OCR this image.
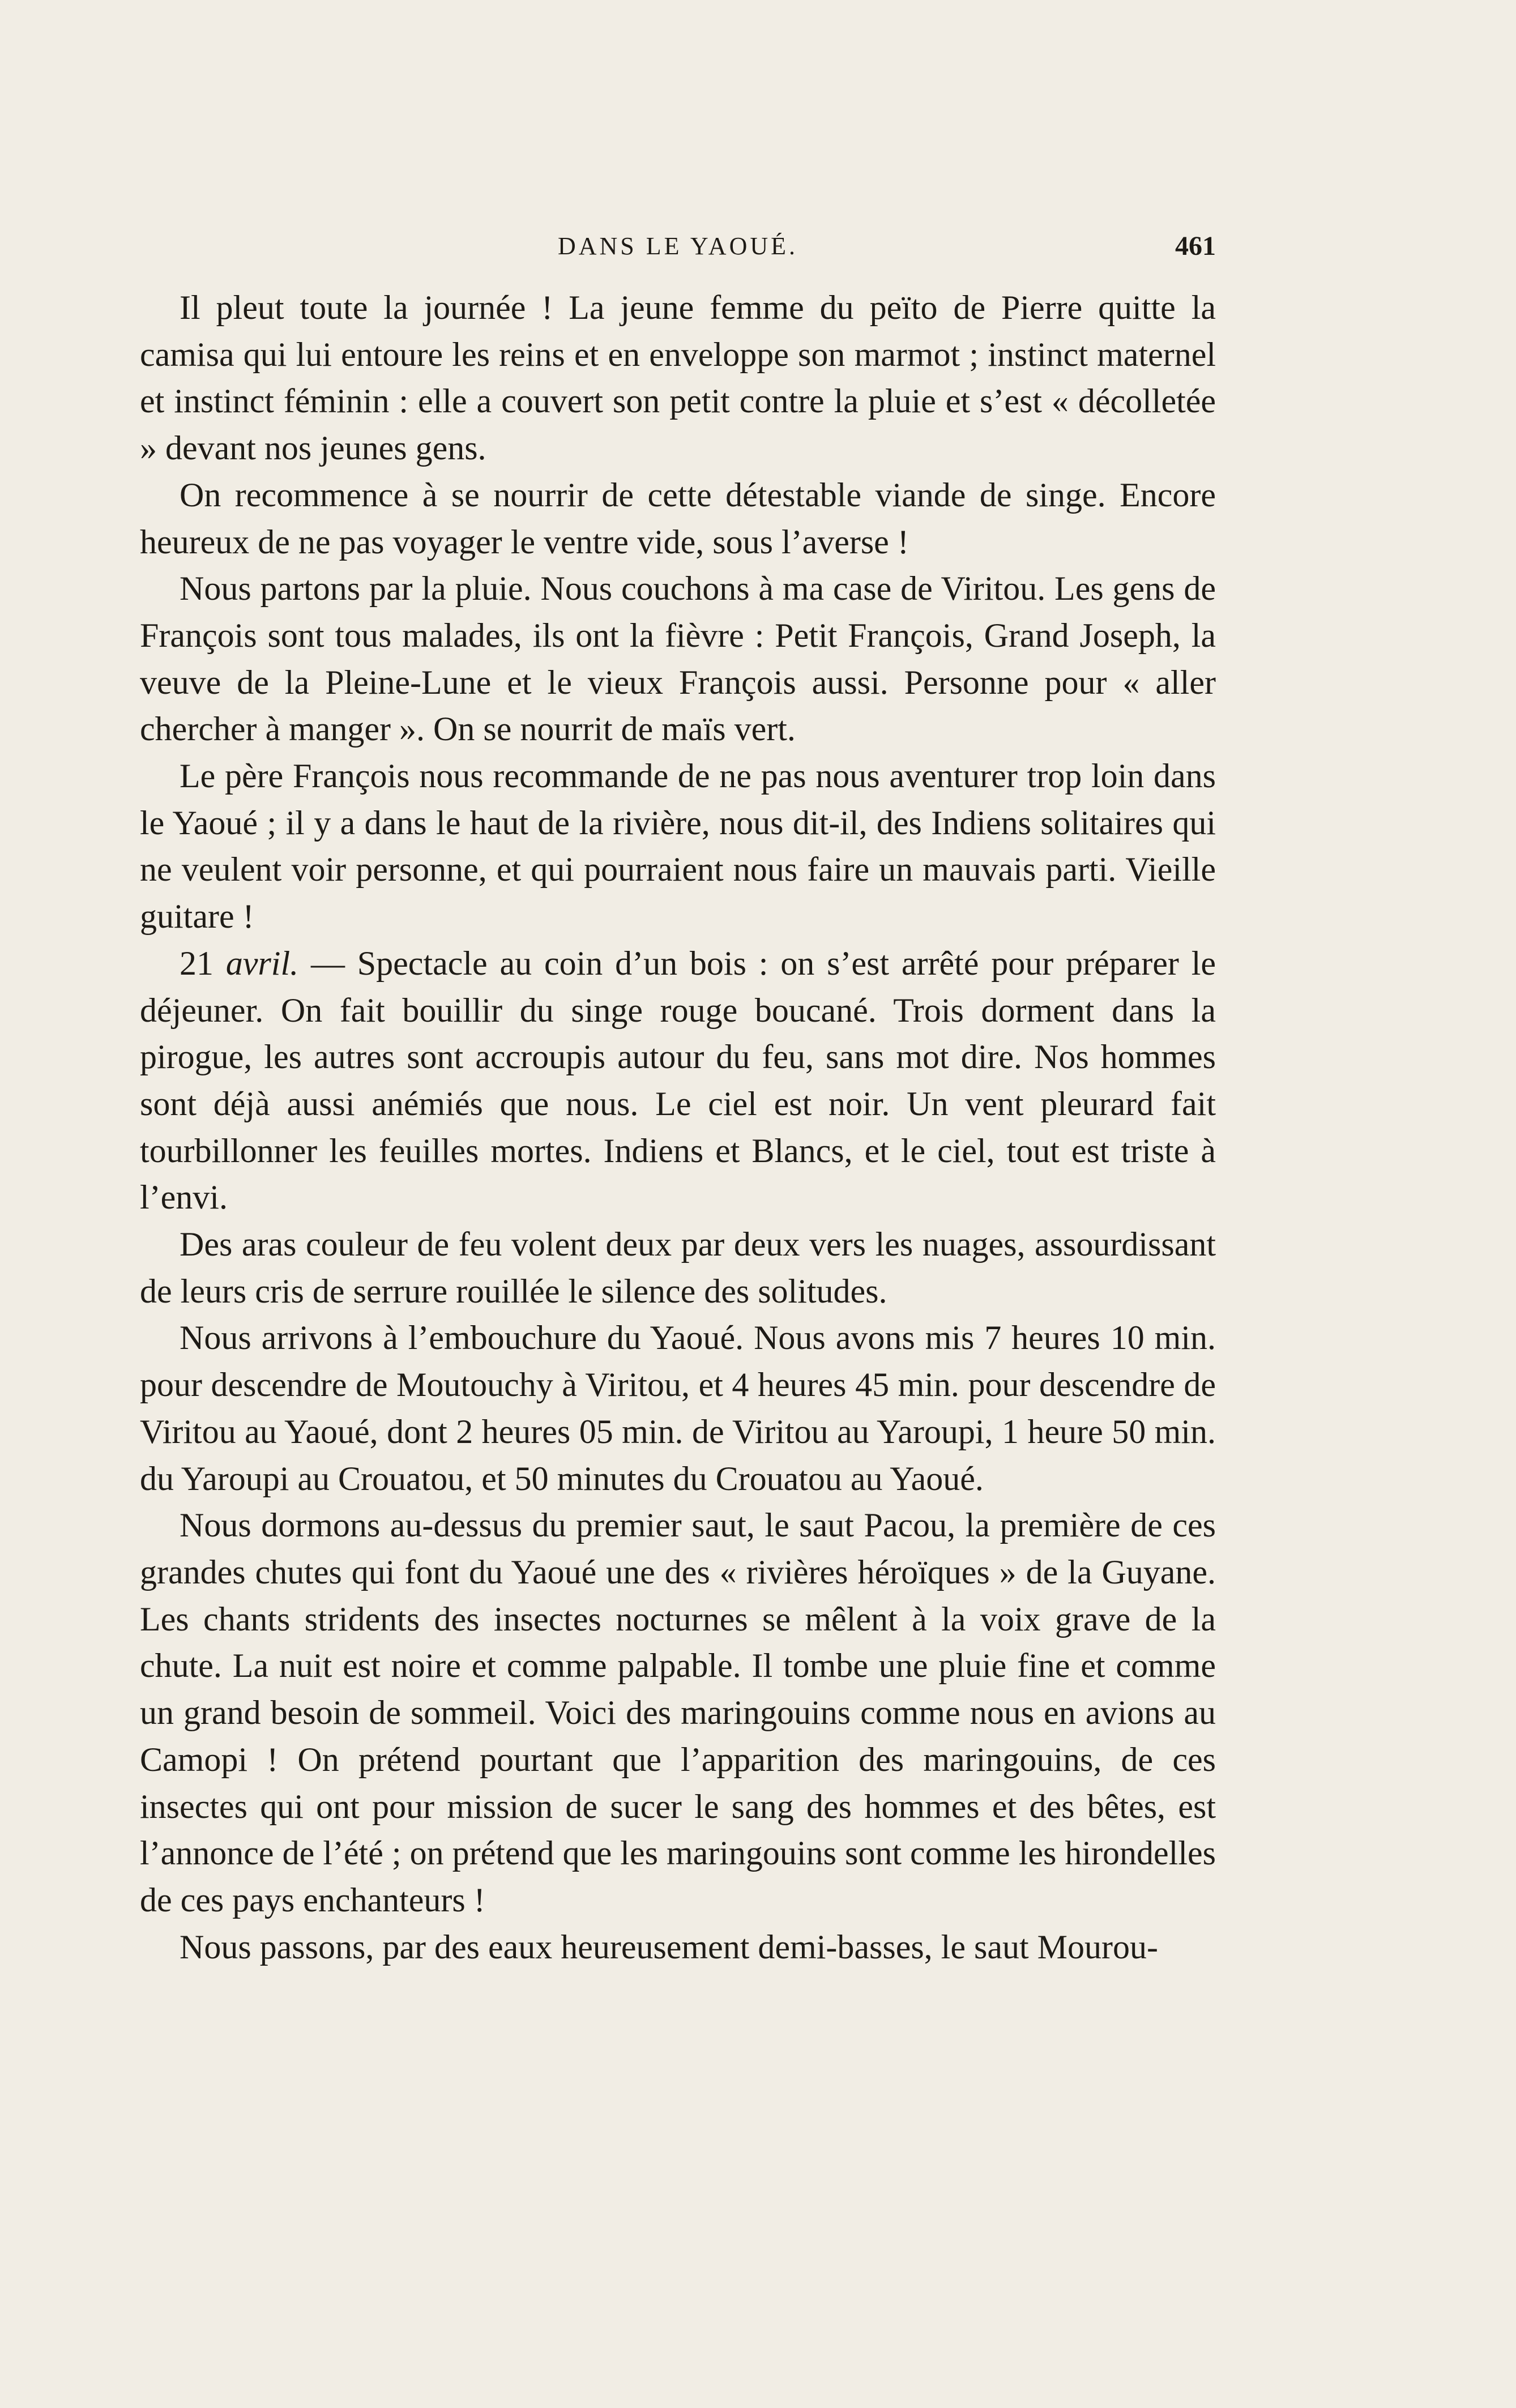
DANS LE YAOUÉ.	461

Il pleut toute la journée ! La jeune femme du peïto de Pierre quitte la camisa qui lui entoure les reins et en enveloppe son marmot ; instinct maternel et instinct féminin : elle a couvert son petit contre la pluie et s’est « décolletée » devant nos jeunes gens.

On recommence à se nourrir de cette détestable viande de singe. Encore heureux de ne pas voyager le ventre vide, sous l’averse !

Nous partons par la pluie. Nous couchons à ma case de Viritou. Les gens de François sont tous malades, ils ont la fièvre : Petit François, Grand Joseph, la veuve de la Pleine-Lune et le vieux François aussi. Personne pour « aller chercher à manger ». On se nourrit de maïs vert.

Le père François nous recommande de ne pas nous aventurer trop loin dans le Yaoué ; il y a dans le haut de la rivière, nous dit-il, des Indiens solitaires qui ne veulent voir personne, et qui pourraient nous faire un mauvais parti. Vieille guitare !

21 avril. — Spectacle au coin d’un bois : on s’est arrêté pour préparer le déjeuner. On fait bouillir du singe rouge boucané. Trois dorment dans la pirogue, les autres sont accroupis autour du feu, sans mot dire. Nos hommes sont déjà aussi anémiés que nous. Le ciel est noir. Un vent pleurard fait tourbillonner les feuilles mortes. Indiens et Blancs, et le ciel, tout est triste à l’envi.

Des aras couleur de feu volent deux par deux vers les nuages, assourdissant de leurs cris de serrure rouillée le silence des solitudes.

Nous arrivons à l’embouchure du Yaoué. Nous avons mis 7 heures 10 min. pour descendre de Moutouchy à Viritou, et 4 heures 45 min. pour descendre de Viritou au Yaoué, dont 2 heures 05 min. de Viritou au Yaroupi, 1 heure 50 min. du Yaroupi au Crouatou, et 50 minutes du Crouatou au Yaoué.

Nous dormons au-dessus du premier saut, le saut Pacou, la première de ces grandes chutes qui font du Yaoué une des « rivières héroïques » de la Guyane. Les chants stridents des insectes nocturnes se mêlent à la voix grave de la chute. La nuit est noire et comme palpable. Il tombe une pluie fine et comme un grand besoin de sommeil. Voici des maringouins comme nous en avions au Camopi ! On prétend pourtant que l’apparition des maringouins, de ces insectes qui ont pour mission de sucer le sang des hommes et des bêtes, est l’annonce de l’été ; on prétend que les maringouins sont comme les hirondelles de ces pays enchanteurs !

Nous passons, par des eaux heureusement demi-basses, le saut Mourou-
